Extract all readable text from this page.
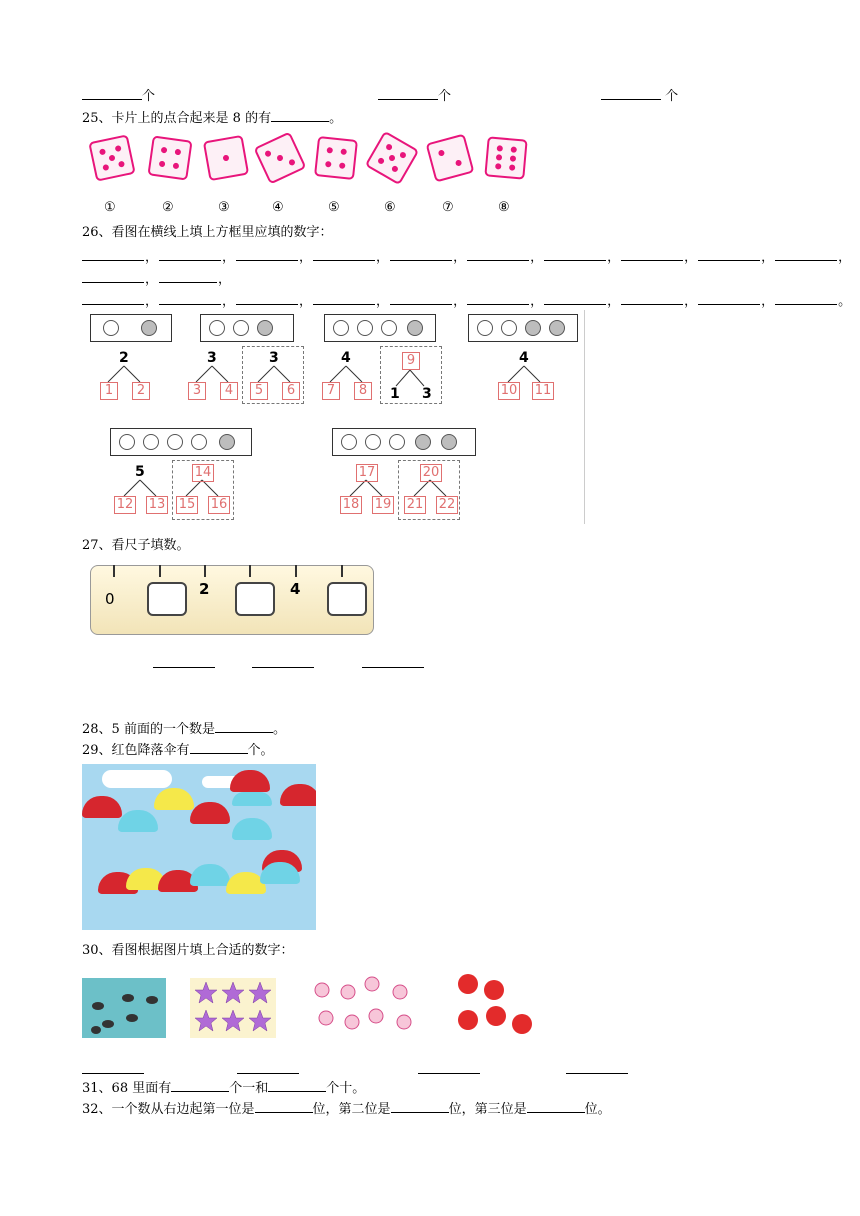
个	个	个
25、卡片上的点合起来是 8 的有	。
①	②	③	④	⑤	⑥	⑦	⑧
26、看图在横线上填上方框里应填的数字：
，	，	，	，	，	，	，	，	，	，
，	，
，	，	，	，	，	，	，	，	，	。
2
1	2
3
3	4
3
5	6
4
7	8
9
1 3
4
10 11
5
12 13
14
15 16
17
18 19
20
21 22
27、看尺子填数。
0
2	4
28、5 前面的一个数是	。
29、红色降落伞有	个。
30、看图根据图片填上合适的数字：
31、68 里面有	个一和	个十。
32、一个数从右边起第一位是	位，第二位是	位，第三位是	位。
